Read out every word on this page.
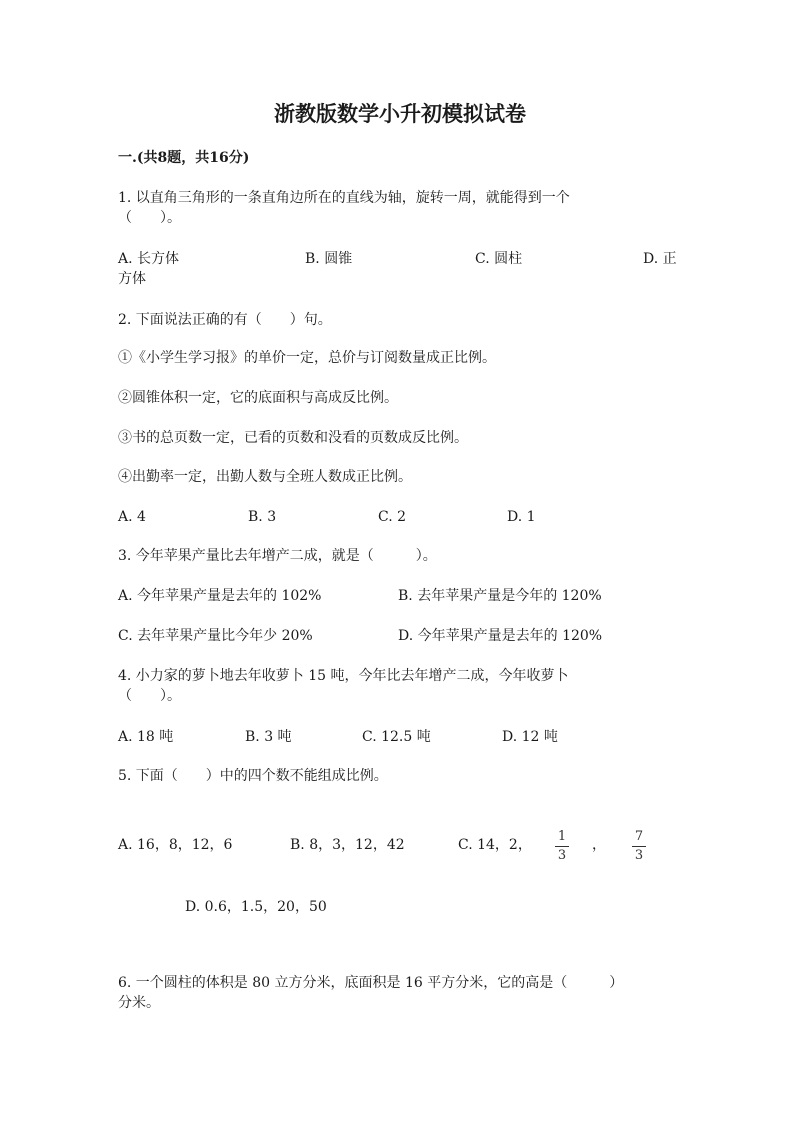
浙教版数学小升初模拟试卷
一.(共8题，共16分)
1. 以直角三角形的一条直角边所在的直线为轴，旋转一周，就能得到一个
（　　）。
A. 长方体	B. 圆锥	C. 圆柱	D. 正
方体
2. 下面说法正确的有（　　）句。
①《小学生学习报》的单价一定，总价与订阅数量成正比例。
②圆锥体积一定，它的底面积与高成反比例。
③书的总页数一定，已看的页数和没看的页数成反比例。
④出勤率一定，出勤人数与全班人数成正比例。
A. 4	B. 3	C. 2	D. 1
3. 今年苹果产量比去年增产二成，就是（　　　）。
A. 今年苹果产量是去年的 102%	B. 去年苹果产量是今年的 120%
C. 去年苹果产量比今年少 20%	D. 今年苹果产量是去年的 120%
4. 小力家的萝卜地去年收萝卜 15 吨，今年比去年增产二成，今年收萝卜
（　　）。
A. 18 吨	B. 3 吨	C. 12.5 吨	D. 12 吨
5. 下面（　　）中的四个数不能组成比例。
A. 16，8，12，6	B. 8，3，12，42	C. 14，2，
1
3
，
7
3
D. 0.6，1.5，20，50
6. 一个圆柱的体积是 80 立方分米，底面积是 16 平方分米，它的高是（　　　）
分米。
